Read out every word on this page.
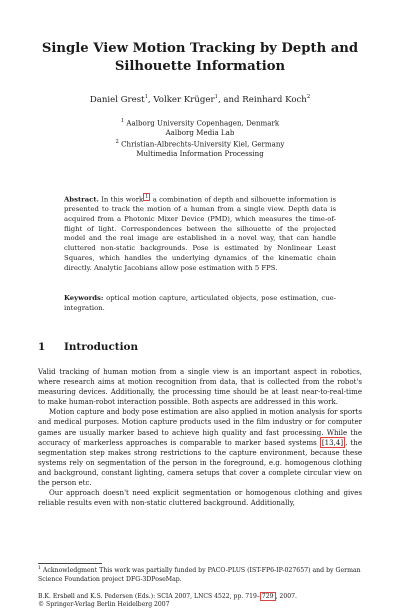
Single View Motion Tracking by Depth and
Silhouette Information
Daniel Grest$^1$, Volker Krüger$^1$, and Reinhard Koch$^2$
$^1$ Aalborg University Copenhagen, Denmark
Aalborg Media Lab
$^2$ Christian-Albrechts-University Kiel, Germany
Multimedia Information Processing
Abstract. In this work $^1$ a combination of depth and silhouette information is presented to track the motion of a human from a single view. Depth data is acquired from a Photonic Mixer Device (PMD), which measures the time-of-flight of light. Correspondences between the silhouette of the projected model and the real image are established in a novel way, that can handle cluttered non-static backgrounds. Pose is estimated by Nonlinear Least Squares, which handles the underlying dynamics of the kinematic chain directly. Analytic Jacobians allow pose estimation with 5 FPS.
Keywords: optical motion capture, articulated objects, pose estimation, cue-integration.
1 Introduction

Valid tracking of human motion from a single view is an important aspect in robotics, where research aims at motion recognition from data, that is collected from the robot's measuring devices. Additionally, the processing time should be at least near-to-real-time to make human-robot interaction possible. Both aspects are addressed in this work.

Motion capture and body pose estimation are also applied in motion analysis for sports and medical purposes. Motion capture products used in the film industry or for computer games are usually marker based to achieve high quality and fast processing. While the accuracy of markerless approaches is comparable to marker based systems [13,4] , the segmentation step makes strong restrictions to the capture environment, because these systems rely on segmentation of the person in the foreground, e.g. homogenous clothing and background, constant lighting, camera setups that cover a complete circular view on the person etc.

Our approach doesn't need explicit segmentation or homogenous clothing and gives reliable results even with non-static cluttered background. Additionally,

$^1$ Acknowledgment This work was partially funded by PACO-PLUS (IST-FP6-IP-027657) and by German Science Foundation project DFG-3DPoseMap.
B.K. Ersbøll and K.S. Pedersen (Eds.): SCIA 2007, LNCS 4522, pp. 719– 729 , 2007.
© Springer-Verlag Berlin Heidelberg 2007
